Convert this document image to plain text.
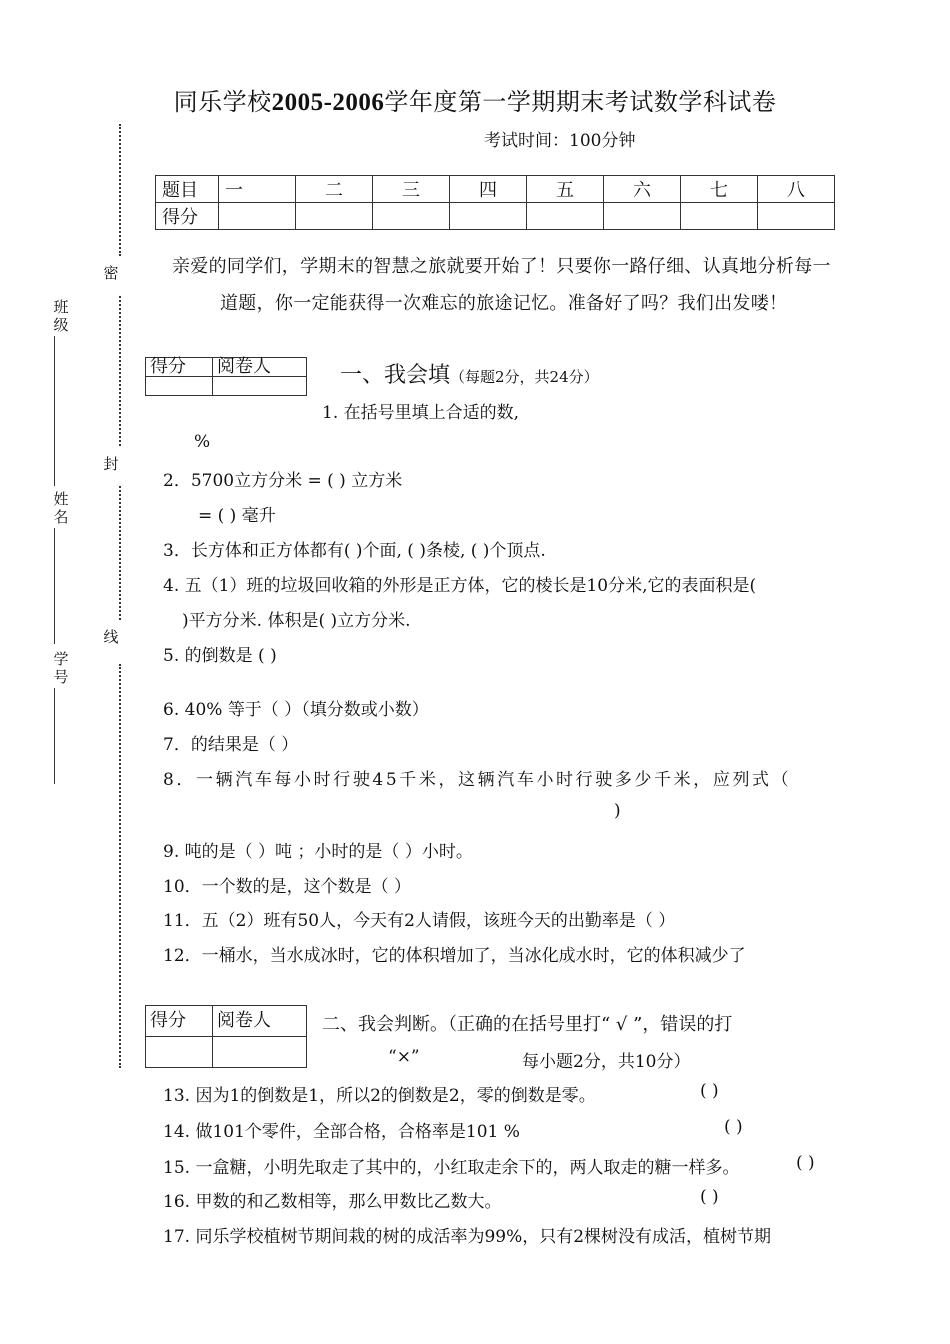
同乐学校2005-2006学年度第一学期期末考试数学科试卷
考试时间：100分钟
密
封
线
班级
姓名
学号
题目	一	二	三	四	五	六	七	八
得分								
亲爱的同学们，学期末的智慧之旅就要开始了！只要你一路仔细、认真地分析每一
道题，你一定能获得一次难忘的旅途记忆。准备好了吗？我们出发喽！
得分	阅卷人
		一、我会填（每题2分，共24分）
1. 在括号里填上合适的数,
%
2．5700立方分米 = ( ) 立方米
= ( ) 毫升
3．长方体和正方体都有( )个面, ( )条棱, ( )个顶点.
4. 五（1）班的垃圾回收箱的外形是正方体，它的棱长是10分米,它的表面积是(
)平方分米. 体积是( )立方分米.
5. 的倒数是 ( )
6. 40% 等于（ ）（填分数或小数）
7．的结果是（ ）
8．一辆汽车每小时行驶45千米，这辆汽车小时行驶多少千米，应列式（
)
9. 吨的是（ ）吨 ；小时的是（ ）小时。
10．一个数的是，这个数是（ ）
11．五（2）班有50人，今天有2人请假，该班今天的出勤率是（ ）
12．一桶水，当水成冰时，它的体积增加了，当冰化成水时，它的体积减少了
得分	阅卷人
		二、我会判断。（正确的在括号里打“ √ ”，错误的打
“×”	每小题2分，共10分）
13. 因为1的倒数是1，所以2的倒数是2，零的倒数是零。	( )
14. 做101个零件，全部合格，合格率是101 %	( )
15. 一盒糖，小明先取走了其中的，小红取走余下的，两人取走的糖一样多。	( )
16. 甲数的和乙数相等，那么甲数比乙数大。	( )
17. 同乐学校植树节期间栽的树的成活率为99%，只有2棵树没有成活，植树节期
